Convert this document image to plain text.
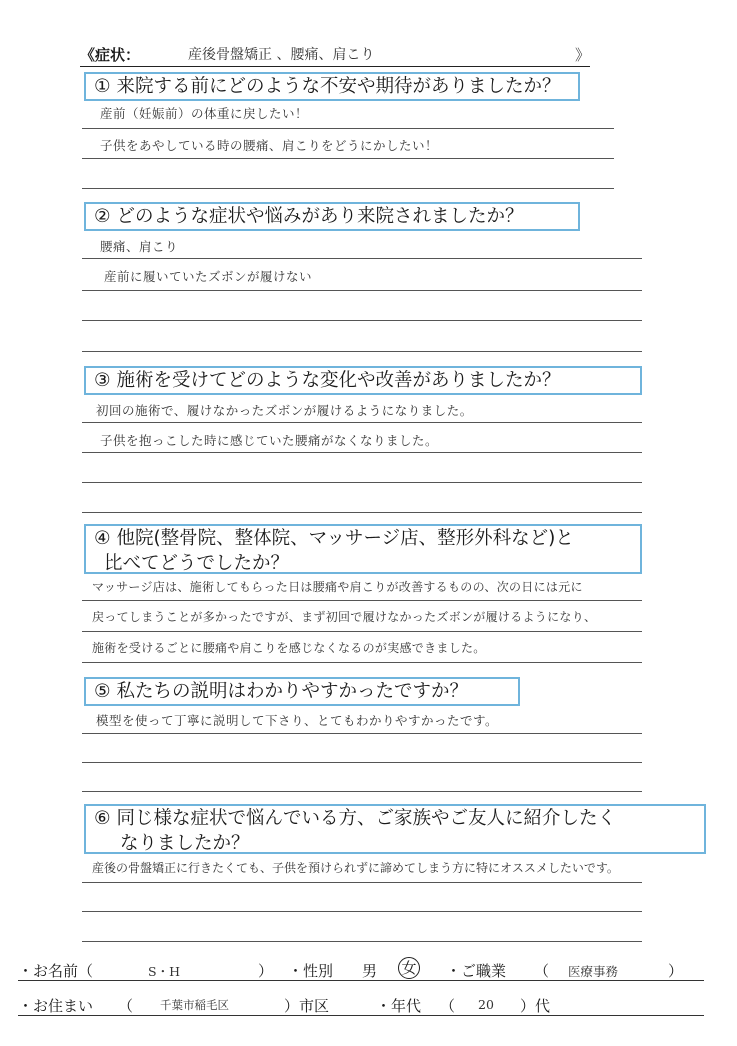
《症状：	産後骨盤矯正 、腰痛、肩こり	》
① 来院する前にどのような不安や期待がありましたか？
産前（妊娠前）の体重に戻したい！
子供をあやしている時の腰痛、肩こりをどうにかしたい！
② どのような症状や悩みがあり来院されましたか？
腰痛、肩こり
産前に履いていたズボンが履けない
③ 施術を受けてどのような変化や改善がありましたか？
初回の施術で、履けなかったズボンが履けるようになりました。
子供を抱っこした時に感じていた腰痛がなくなりました。
④ 他院(整骨院、整体院、マッサージ店、整形外科など)と
比べてどうでしたか？
マッサージ店は、施術してもらった日は腰痛や肩こりが改善するものの、次の日には元に
戻ってしまうことが多かったですが、まず初回で履けなかったズボンが履けるようになり、
施術を受けるごとに腰痛や肩こりを感じなくなるのが実感できました。
⑤ 私たちの説明はわかりやすかったですか？
模型を使って丁寧に説明して下さり、とてもわかりやすかったです。
⑥ 同じ様な症状で悩んでいる方、ご家族やご友人に紹介したく
なりましたか？
産後の骨盤矯正に行きたくても、子供を預けられずに諦めてしまう方に特にオススメしたいです。
・お名前（	S・H	） ・性別 男 女 ・ご職業 （ 医療事務	）
・お住まい （ 千葉市稲毛区	）市区	・年代 （ 20 ）代
